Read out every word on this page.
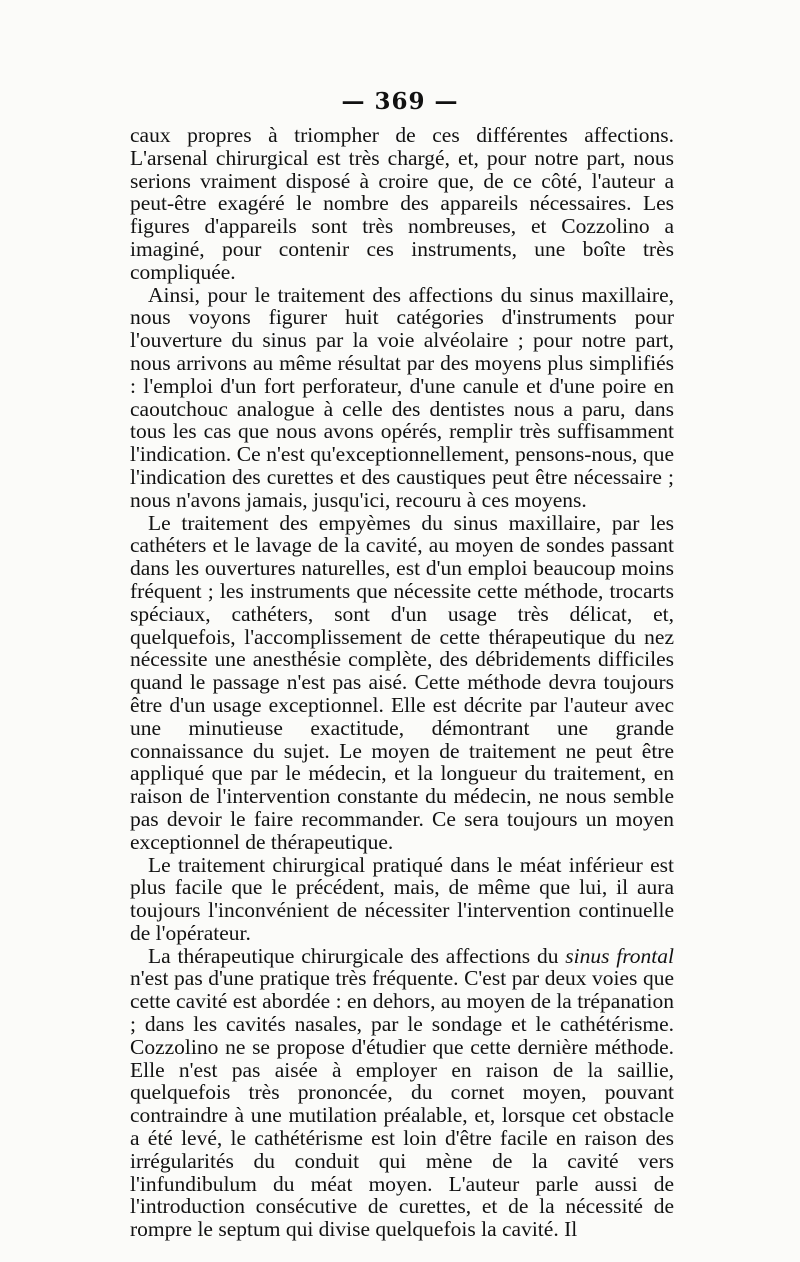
— 369 —

caux propres à triompher de ces différentes affections. L'arsenal chirurgical est très chargé, et, pour notre part, nous serions vraiment disposé à croire que, de ce côté, l'auteur a peut-être exagéré le nombre des appareils nécessaires. Les figures d'appareils sont très nombreuses, et Cozzolino a imaginé, pour contenir ces instruments, une boîte très compliquée.

Ainsi, pour le traitement des affections du sinus maxillaire, nous voyons figurer huit catégories d'instruments pour l'ouverture du sinus par la voie alvéolaire ; pour notre part, nous arrivons au même résultat par des moyens plus simplifiés : l'emploi d'un fort perforateur, d'une canule et d'une poire en caoutchouc analogue à celle des dentistes nous a paru, dans tous les cas que nous avons opérés, remplir très suffisamment l'indication. Ce n'est qu'exceptionnellement, pensons-nous, que l'indication des curettes et des caustiques peut être nécessaire ; nous n'avons jamais, jusqu'ici, recouru à ces moyens.

Le traitement des empyèmes du sinus maxillaire, par les cathéters et le lavage de la cavité, au moyen de sondes passant dans les ouvertures naturelles, est d'un emploi beaucoup moins fréquent ; les instruments que nécessite cette méthode, trocarts spéciaux, cathéters, sont d'un usage très délicat, et, quelquefois, l'accomplissement de cette thérapeutique du nez nécessite une anesthésie complète, des débridements difficiles quand le passage n'est pas aisé. Cette méthode devra toujours être d'un usage exceptionnel. Elle est décrite par l'auteur avec une minutieuse exactitude, démontrant une grande connaissance du sujet. Le moyen de traitement ne peut être appliqué que par le médecin, et la longueur du traitement, en raison de l'intervention constante du médecin, ne nous semble pas devoir le faire recommander. Ce sera toujours un moyen exceptionnel de thérapeutique.

Le traitement chirurgical pratiqué dans le méat inférieur est plus facile que le précédent, mais, de même que lui, il aura toujours l'inconvénient de nécessiter l'intervention continuelle de l'opérateur.

La thérapeutique chirurgicale des affections du sinus frontal n'est pas d'une pratique très fréquente. C'est par deux voies que cette cavité est abordée : en dehors, au moyen de la trépanation ; dans les cavités nasales, par le sondage et le cathétérisme. Cozzolino ne se propose d'étudier que cette dernière méthode. Elle n'est pas aisée à employer en raison de la saillie, quelquefois très prononcée, du cornet moyen, pouvant contraindre à une mutilation préalable, et, lorsque cet obstacle a été levé, le cathétérisme est loin d'être facile en raison des irrégularités du conduit qui mène de la cavité vers l'infundibulum du méat moyen. L'auteur parle aussi de l'introduction consécutive de curettes, et de la nécessité de rompre le septum qui divise quelquefois la cavité. Il
